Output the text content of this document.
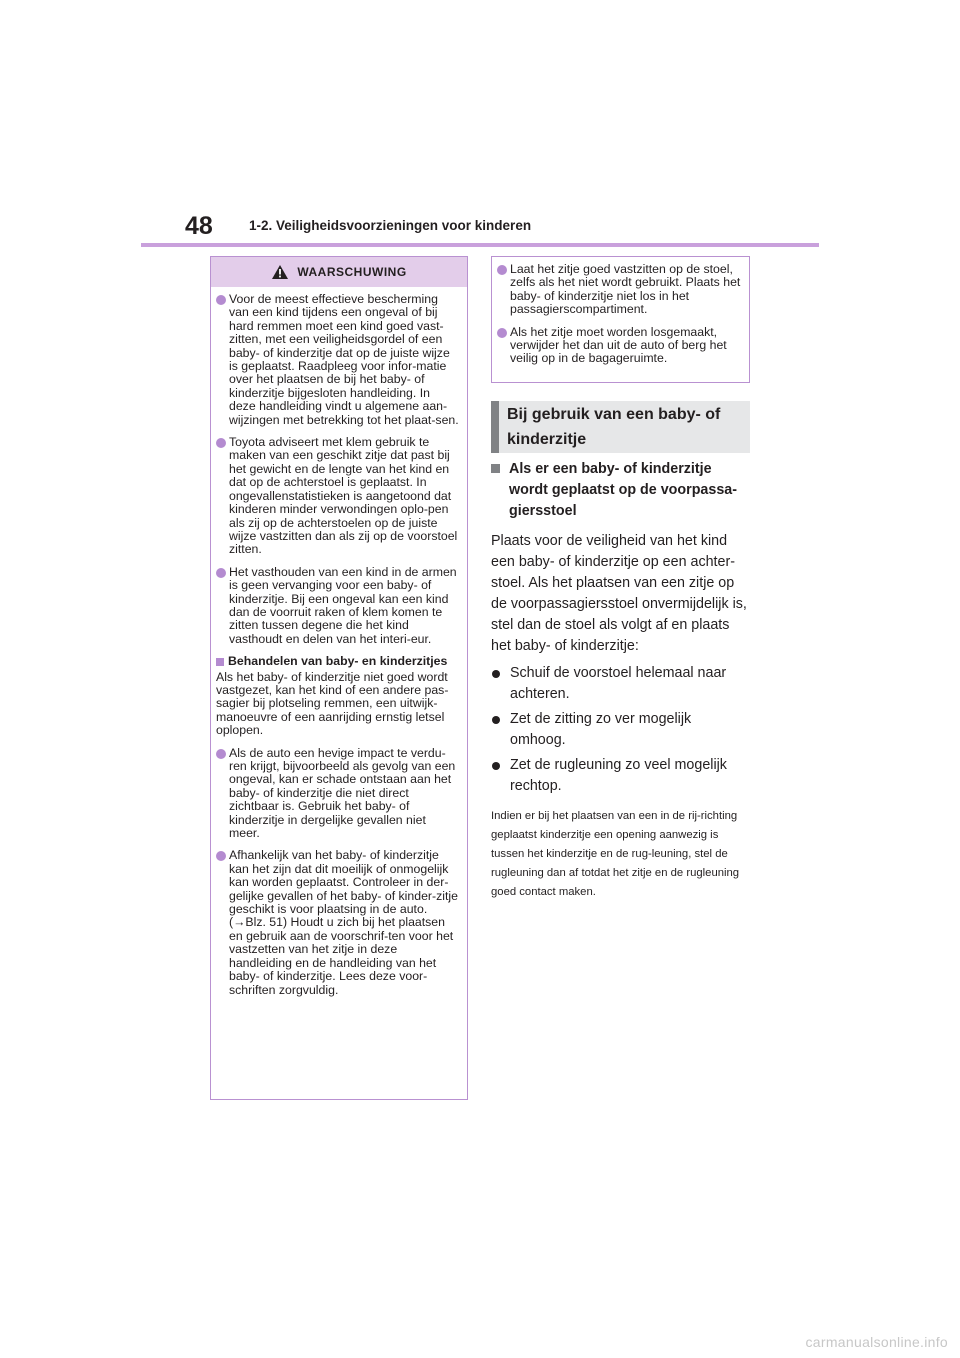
48	1-2. Veiligheidsvoorzieningen voor kinderen
WAARSCHUWING
Voor de meest effectieve bescherming van een kind tijdens een ongeval of bij hard remmen moet een kind goed vast-zitten, met een veiligheidsgordel of een baby- of kinderzitje dat op de juiste wijze is geplaatst. Raadpleeg voor infor-matie over het plaatsen de bij het baby- of kinderzitje bijgesloten handleiding. In deze handleiding vindt u algemene aan-wijzingen met betrekking tot het plaat-sen.
Toyota adviseert met klem gebruik te maken van een geschikt zitje dat past bij het gewicht en de lengte van het kind en dat op de achterstoel is geplaatst. In ongevallenstatistieken is aangetoond dat kinderen minder verwondingen oplo-pen als zij op de achterstoelen op de juiste wijze vastzitten dan als zij op de voorstoel zitten.
Het vasthouden van een kind in de armen is geen vervanging voor een baby- of kinderzitje. Bij een ongeval kan een kind dan de voorruit raken of klem komen te zitten tussen degene die het kind vasthoudt en delen van het interi-eur.
Behandelen van baby- en kinderzitjes
Als het baby- of kinderzitje niet goed wordt vastgezet, kan het kind of een andere pas-sagier bij plotseling remmen, een uitwijk-manoeuvre of een aanrijding ernstig letsel oplopen.
Als de auto een hevige impact te verdu-ren krijgt, bijvoorbeeld als gevolg van een ongeval, kan er schade ontstaan aan het baby- of kinderzitje die niet direct zichtbaar is. Gebruik het baby- of kinderzitje in dergelijke gevallen niet meer.
Afhankelijk van het baby- of kinderzitje kan het zijn dat dit moeilijk of onmogelijk kan worden geplaatst. Controleer in der-gelijke gevallen of het baby- of kinder-zitje geschikt is voor plaatsing in de auto. (→Blz. 51) Houdt u zich bij het plaatsen en gebruik aan de voorschrif-ten voor het vastzetten van het zitje in deze handleiding en de handleiding van het baby- of kinderzitje. Lees deze voor-schriften zorgvuldig.
Laat het zitje goed vastzitten op de stoel, zelfs als het niet wordt gebruikt. Plaats het baby- of kinderzitje niet los in het passagierscompartiment.
Als het zitje moet worden losgemaakt, verwijder het dan uit de auto of berg het veilig op in de bagageruimte.
Bij gebruik van een baby- of kinderzitje
Als er een baby- of kinderzitje wordt geplaatst op de voorpassa-giersstoel
Plaats voor de veiligheid van het kind een baby- of kinderzitje op een achter-stoel. Als het plaatsen van een zitje op de voorpassagiersstoel onvermijdelijk is, stel dan de stoel als volgt af en plaats het baby- of kinderzitje:
Schuif de voorstoel helemaal naar achteren.
Zet de zitting zo ver mogelijk omhoog.
Zet de rugleuning zo veel mogelijk rechtop.
Indien er bij het plaatsen van een in de rij-richting geplaatst kinderzitje een opening aanwezig is tussen het kinderzitje en de rug-leuning, stel de rugleuning dan af totdat het zitje en de rugleuning goed contact maken.
carmanualsonline.info
